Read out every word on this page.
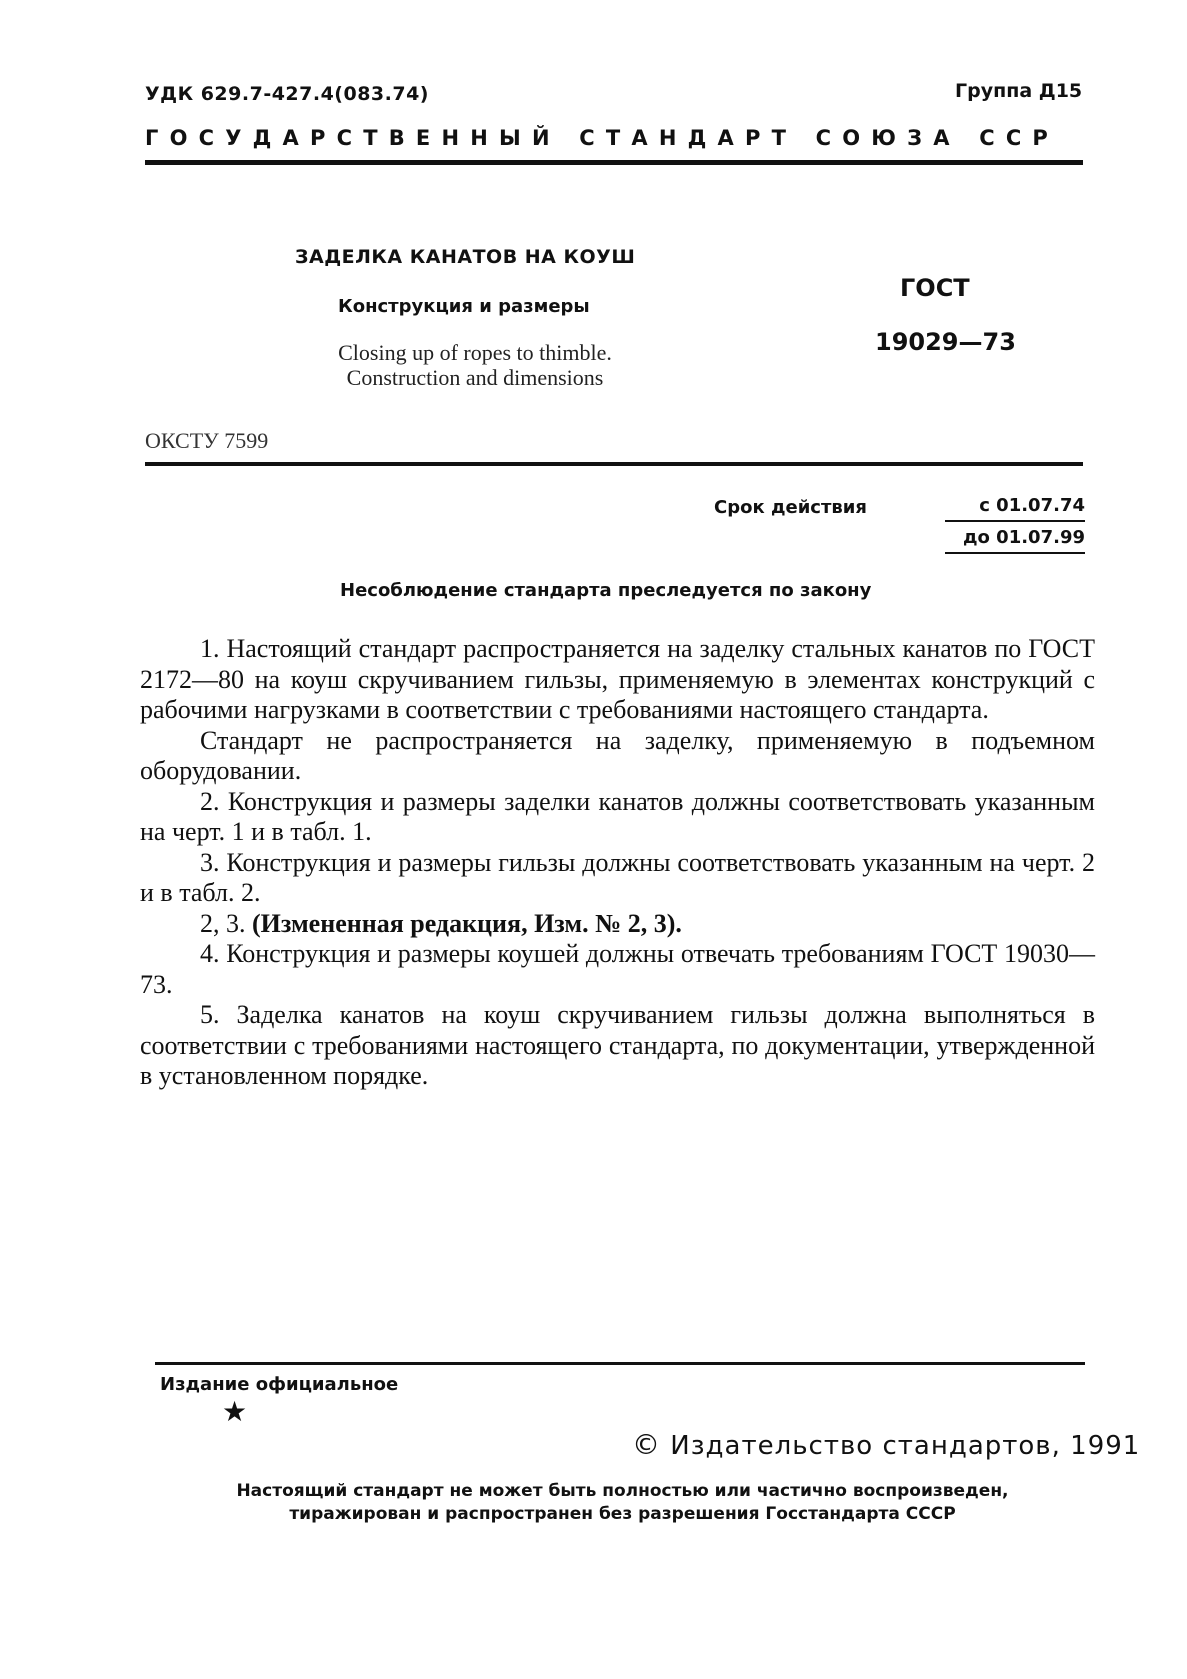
УДК 629.7-427.4(083.74)	Группа Д15
ГОСУДАРСТВЕННЫЙ СТАНДАРТ СОЮЗА ССР
ЗАДЕЛКА КАНАТОВ НА КОУШ
Конструкция и размеры
Closing up of ropes to thimble.
Construction and dimensions
ГОСТ
19029—73
ОКСТУ 7599
Срок действия	с 01.07.74
до 01.07.99
Несоблюдение стандарта преследуется по закону

1. Настоящий стандарт распространяется на заделку стальных канатов по ГОСТ 2172—80 на коуш скручиванием гильзы, применяемую в элементах конструкций с рабочими нагрузками в соответствии с требованиями настоящего стандарта.

Стандарт не распространяется на заделку, применяемую в подъемном оборудовании.

2. Конструкция и размеры заделки канатов должны соответствовать указанным на черт. 1 и в табл. 1.

3. Конструкция и размеры гильзы должны соответствовать указанным на черт. 2 и в табл. 2.

2, 3. (Измененная редакция, Изм. № 2, 3).

4. Конструкция и размеры коушей должны отвечать требованиям ГОСТ 19030—73.

5. Заделка канатов на коуш скручиванием гильзы должна выполняться в соответствии с требованиями настоящего стандарта, по документации, утвержденной в установленном порядке.

Издание официальное
★
© Издательство стандартов, 1991
Настоящий стандарт не может быть полностью или частично воспроизведен,
тиражирован и распространен без разрешения Госстандарта СССР
